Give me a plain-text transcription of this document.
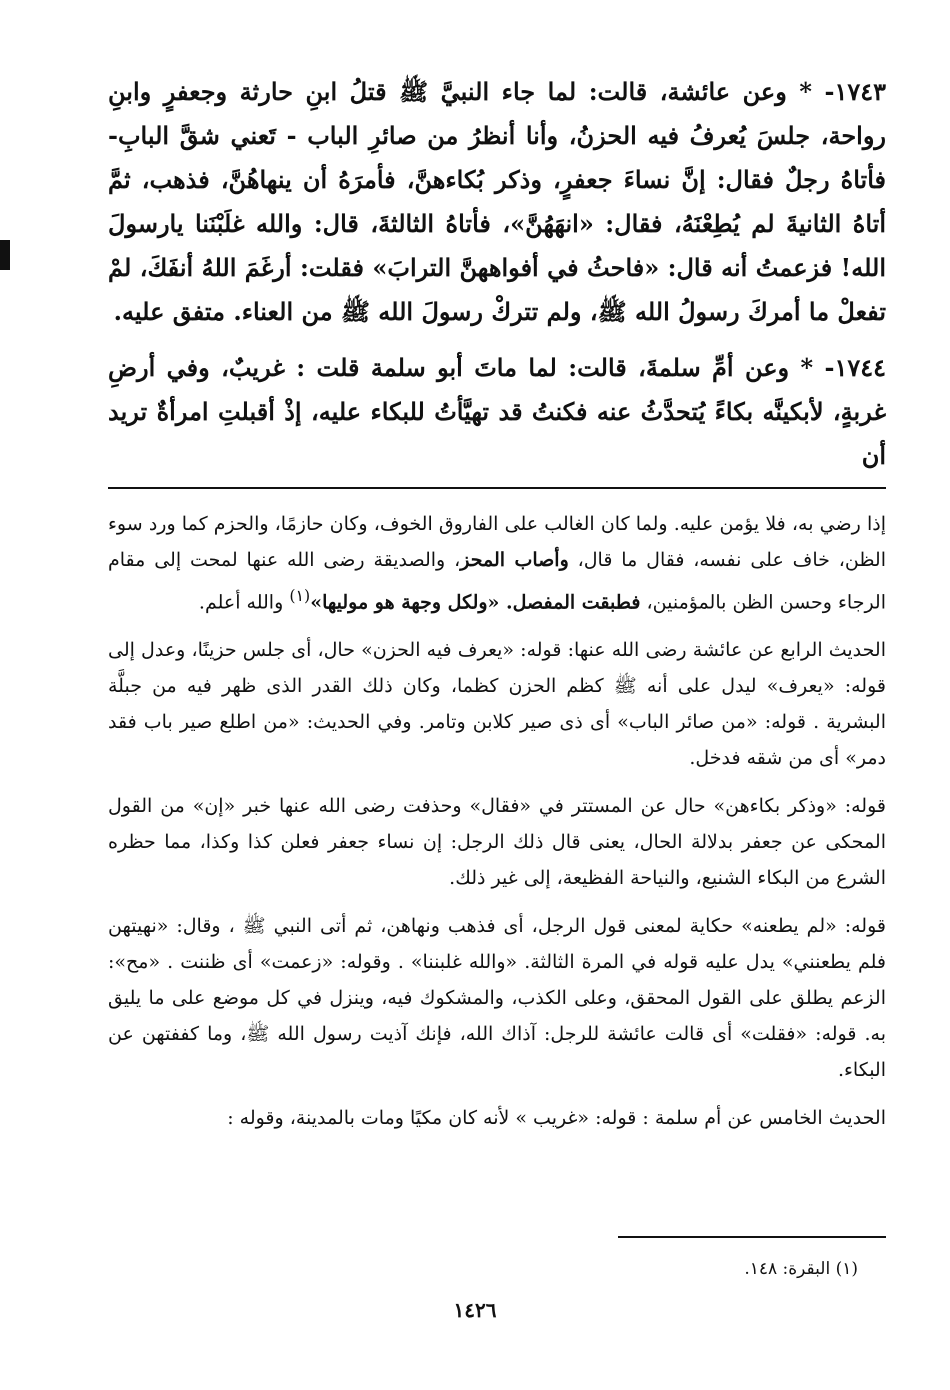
١٧٤٣- * وعن عائشة، قالت: لما جاء النبيَّ ﷺ قتلُ ابنِ حارثة وجعفرٍ وابنِ رواحة، جلسَ يُعرفُ فيه الحزنُ، وأنا أنظرُ من صائرِ الباب - تَعني شقَّ البابِ- فأتاهُ رجلٌ فقال: إنَّ نساءَ جعفرٍ، وذكر بُكاءهنَّ، فأمرَهُ أن ينهاهُنَّ، فذهب، ثمَّ أتاهُ الثانيةَ لم يُطِعْنَهُ، فقال: «انهَهُنَّ»، فأتاهُ الثالثةَ، قال: والله غلَبْنَنا يارسولَ الله! فزعمتُ أنه قال: «فاحثُ في أفواههنَّ الترابَ» فقلت: أرغَمَ اللهُ أنفَكَ، لمْ تفعلْ ما أمركَ رسولُ الله ﷺ، ولم تتركْ رسولَ الله ﷺ من العناء. متفق عليه.

١٧٤٤- * وعن أمِّ سلمةَ، قالت: لما ماتَ أبو سلمة قلت : غريبٌ، وفي أرضِ غربةٍ، لأبكينَّه بكاءً يُتحدَّثُ عنه فكنتُ قد تهيَّأتُ للبكاء عليه، إذْ أقبلتِ امرأةٌ تريد أن

إذا رضي به، فلا يؤمن عليه. ولما كان الغالب على الفاروق الخوف، وكان حازمًا، والحزم كما ورد سوء الظن، خاف على نفسه، فقال ما قال، وأصاب المحز، والصديقة رضى الله عنها لمحت إلى مقام الرجاء وحسن الظن بالمؤمنين، فطبقت المفصل. «ولكل وجهة هو موليها»$^{(١)}$ والله أعلم.

الحديث الرابع عن عائشة رضى الله عنها: قوله: «يعرف فيه الحزن» حال، أى جلس حزينًا، وعدل إلى قوله: «يعرف» ليدل على أنه ﷺ كظم الحزن كظما، وكان ذلك القدر الذى ظهر فيه من جبلَّة البشرية . قوله: «من صائر الباب» أى ذى صير كلابن وتامر. وفي الحديث: «من اطلع صير باب فقد دمر» أى من شقه فدخل.

قوله: «وذكر بكاءهن» حال عن المستتر في «فقال» وحذفت رضى الله عنها خبر «إن» من القول المحكى عن جعفر بدلالة الحال، يعنى قال ذلك الرجل: إن نساء جعفر فعلن كذا وكذا، مما حظره الشرع من البكاء الشنيع، والنياحة الفظيعة، إلى غير ذلك.

قوله: «لم يطعنه» حكاية لمعنى قول الرجل، أى فذهب ونهاهن، ثم أتى النبي ﷺ ، وقال: «نهيتهن فلم يطعنني» يدل عليه قوله في المرة الثالثة. «والله غلبننا» . وقوله: «زعمت» أى ظننت . «مح»: الزعم يطلق على القول المحقق، وعلى الكذب، والمشكوك فيه، وينزل في كل موضع على ما يليق به. قوله: «فقلت» أى قالت عائشة للرجل: آذاك الله، فإنك آذيت رسول الله ﷺ، وما كففتهن عن البكاء.

الحديث الخامس عن أم سلمة : قوله: «غريب » لأنه كان مكيًا ومات بالمدينة، وقوله :

(١) البقرة: ١٤٨.
١٤٢٦
